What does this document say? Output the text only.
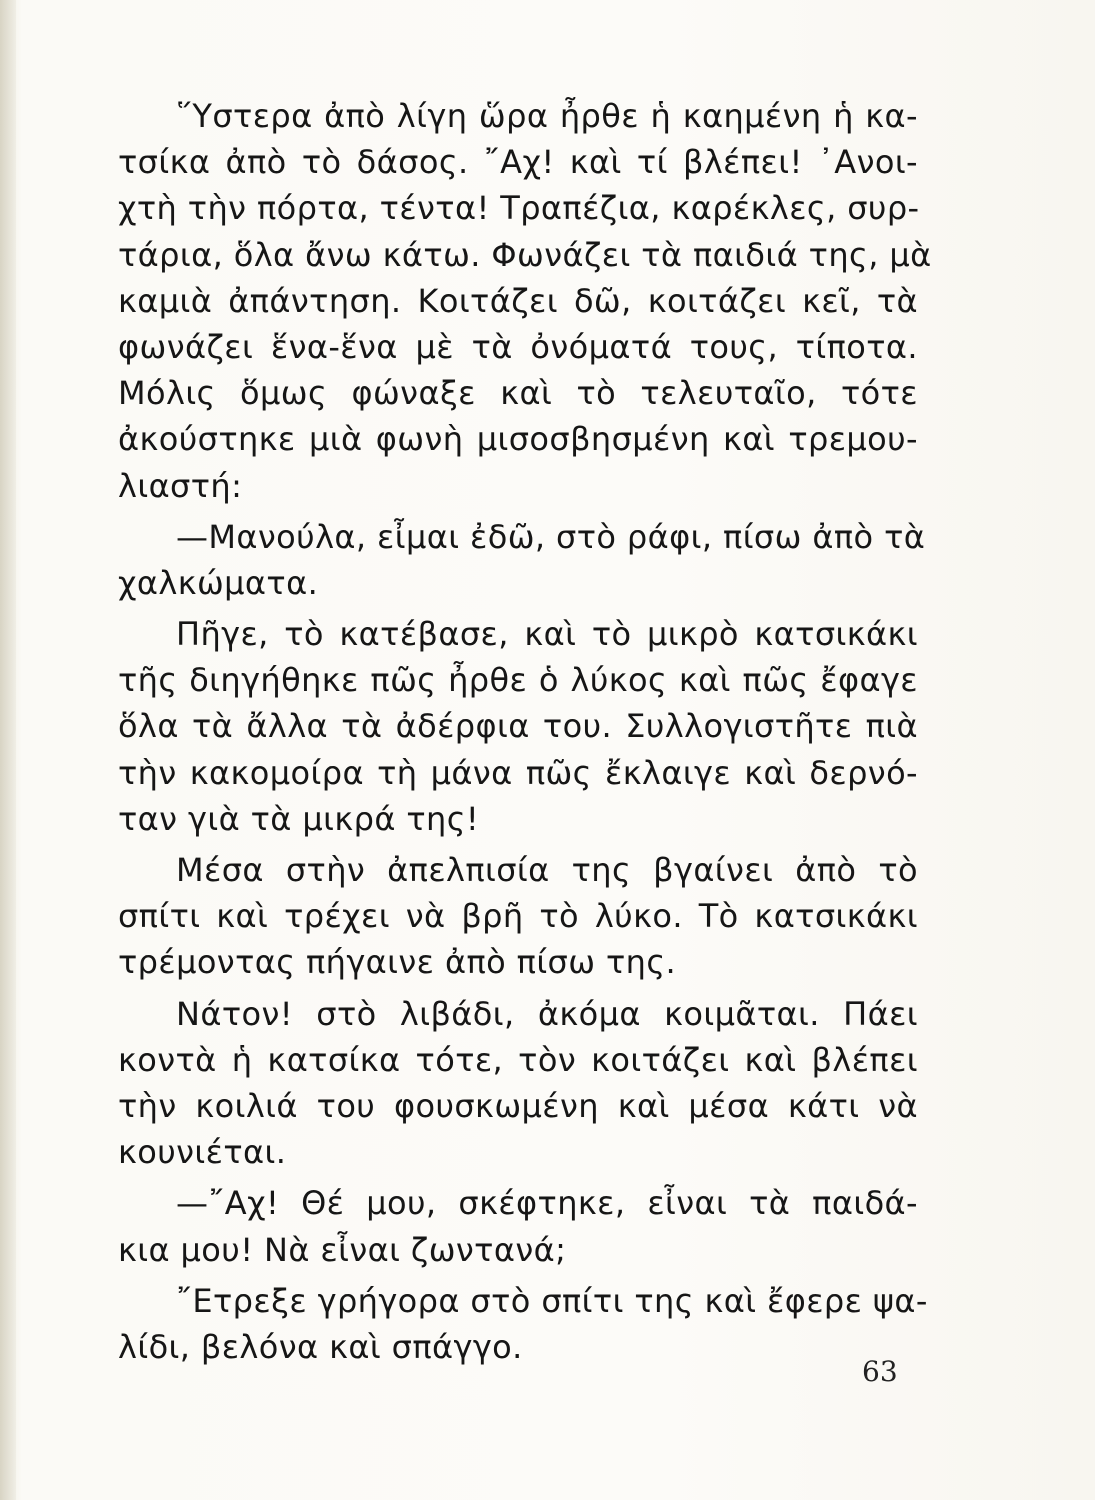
῞Υστερα ἀπὸ λίγη ὥρα ἦρθε ἡ καημένη ἡ κα-
τσίκα ἀπὸ τὸ δάσος. ῎Αχ! καὶ τί βλέπει! ᾿Ανοι-
χτὴ τὴν πόρτα, τέντα! Τραπέζια, καρέκλες, συρ-
τάρια, ὅλα ἄνω κάτω. Φωνάζει τὰ παιδιά της, μὰ
καμιὰ ἀπάντηση. Κοιτάζει δῶ, κοιτάζει κεῖ, τὰ
φωνάζει ἕνα-ἕνα μὲ τὰ ὀνόματά τους, τίποτα.
Μόλις ὅμως φώναξε καὶ τὸ τελευταῖο, τότε
ἀκούστηκε μιὰ φωνὴ μισοσβησμένη καὶ τρεμου-
λιαστή:
—Μανούλα, εἶμαι ἐδῶ, στὸ ράφι, πίσω ἀπὸ τὰ
χαλκώματα.
Πῆγε, τὸ κατέβασε, καὶ τὸ μικρὸ κατσικάκι
τῆς διηγήθηκε πῶς ἦρθε ὁ λύκος καὶ πῶς ἔφαγε
ὅλα τὰ ἄλλα τὰ ἀδέρφια του. Συλλογιστῆτε πιὰ
τὴν κακομοίρα τὴ μάνα πῶς ἔκλαιγε καὶ δερνό-
ταν γιὰ τὰ μικρά της!
Μέσα στὴν ἀπελπισία της βγαίνει ἀπὸ τὸ
σπίτι καὶ τρέχει νὰ βρῆ τὸ λύκο. Τὸ κατσικάκι
τρέμοντας πήγαινε ἀπὸ πίσω της.
Νάτον! στὸ λιβάδι, ἀκόμα κοιμᾶται. Πάει
κοντὰ ἡ κατσίκα τότε, τὸν κοιτάζει καὶ βλέπει
τὴν κοιλιά του φουσκωμένη καὶ μέσα κάτι νὰ
κουνιέται.
—῎Αχ! Θέ μου, σκέφτηκε, εἶναι τὰ παιδά-
κια μου! Νὰ εἶναι ζωντανά;
῎Ετρεξε γρήγορα στὸ σπίτι της καὶ ἔφερε ψα-
λίδι, βελόνα καὶ σπάγγο.
63
